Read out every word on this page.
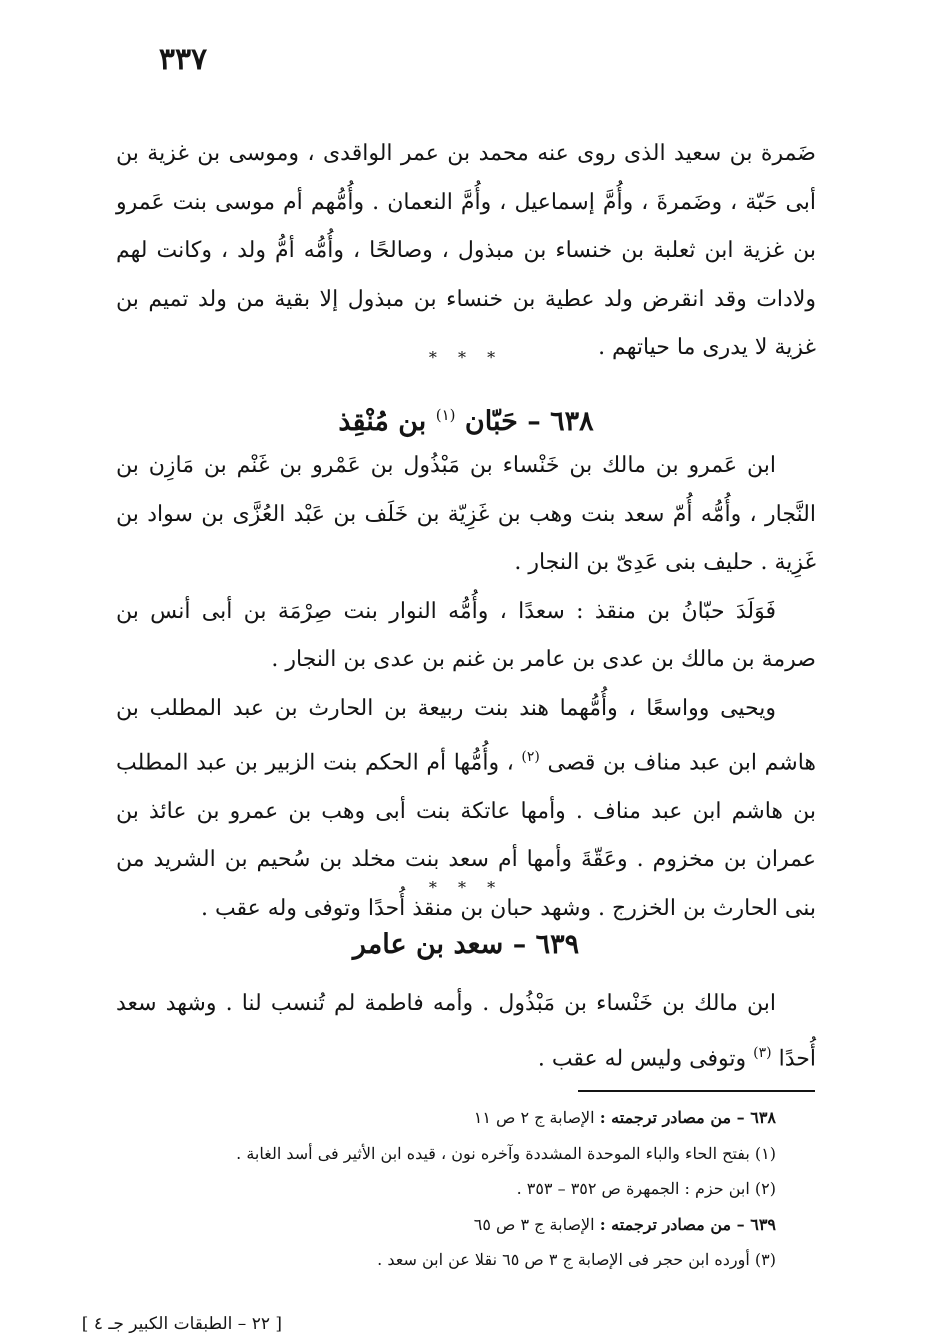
٣٣٧

ضَمرة بن سعيد الذى روى عنه محمد بن عمر الواقدى ، وموسى بن غزية بن أبى حَبّة ، وضَمرةَ ، وأُمَّ إسماعيل ، وأُمَّ النعمان . وأُمُّهم أم موسى بنت عَمرو بن غزية ابن ثعلبة بن خنساء بن مبذول ، وصالحًا ، وأُمُّه أمُّ ولد ، وكانت لهم ولادات وقد انقرض ولد عطية بن خنساء بن مبذول إلا بقية من ولد تميم بن غزية لا يدرى ما حياتهم .

* * *
٦٣٨ – حَبّان $^{(١)}$ بن مُنْقِذ

ابن عَمرو بن مالك بن خَنْساء بن مَبْذُول بن عَمْرو بن غَنْم بن مَازِن بن النَّجار ، وأُمُّه أُمّ سعد بنت وهب بن غَزِيّة بن خَلَف بن عَبْد العُزَّى بن سواد بن غَزِية . حليف بنى عَدِىّ بن النجار .

فَوَلَدَ حبّانُ بن منقذ : سعدًا ، وأُمُّه النوار بنت صِرْمَة بن أبى أنس بن صرمة بن مالك بن عدى بن عامر بن غنم بن عدى بن النجار .

ويحيى وواسعًا ، وأُمُّهما هند بنت ربيعة بن الحارث بن عبد المطلب بن هاشم ابن عبد مناف بن قصى $^{(٢)}$ ، وأُمُّها أم الحكم بنت الزبير بن عبد المطلب بن هاشم ابن عبد مناف . وأمها عاتكة بنت أبى وهب بن عمرو بن عائذ بن عمران بن مخزوم . وعَقّةَ وأمها أم سعد بنت مخلد بن سُحيم بن الشريد من بنى الحارث بن الخزرج . وشهد حبان بن منقذ أُحدًا وتوفى وله عقب .

* * *
٦٣٩ – سعد بن عامر

ابن مالك بن خَنْساء بن مَبْذُول . وأمه فاطمة لم تُنسب لنا . وشهد سعد أُحدًا $^{(٣)}$ وتوفى وليس له عقب .

٦٣٨ – من مصادر ترجمته : الإصابة ج ٢ ص ١١
(١) بفتح الحاء والباء الموحدة المشددة وآخره نون ، قيده ابن الأثير فى أسد الغابة .
(٢) ابن حزم : الجمهرة ص ٣٥٢ – ٣٥٣ .
٦٣٩ – من مصادر ترجمته : الإصابة ج ٣ ص ٦٥
(٣) أورده ابن حجر فى الإصابة ج ٣ ص ٦٥ نقلا عن ابن سعد .
[ ٢٢ – الطبقات الكبير جـ ٤ ]
